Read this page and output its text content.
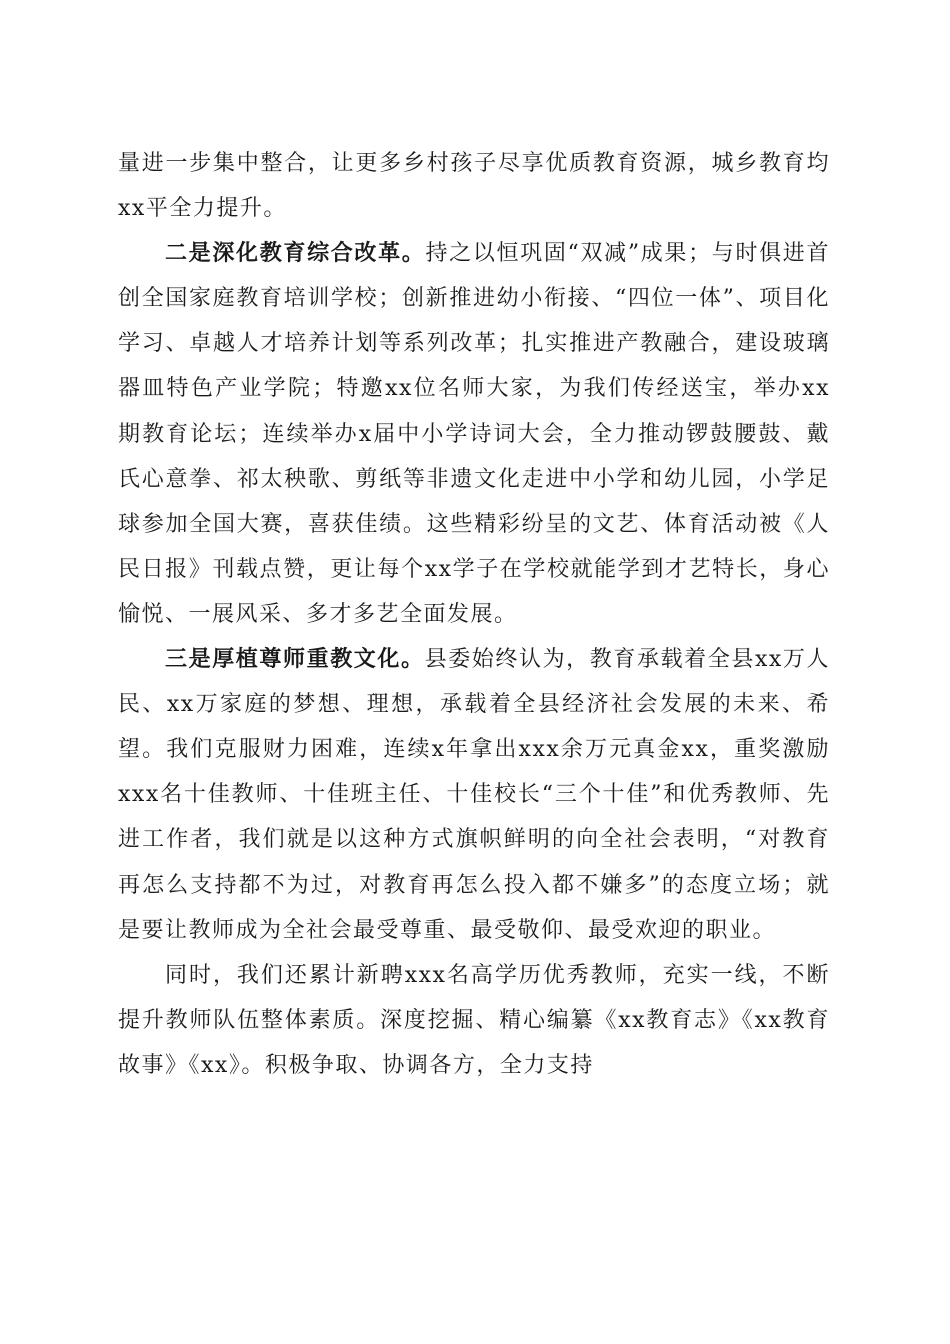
量进一步集中整合，让更多乡村孩子尽享优质教育资源，城乡教育均xx平全力提升。

二是深化教育综合改革。持之以恒巩固“双减”成果；与时俱进首创全国家庭教育培训学校；创新推进幼小衔接、“四位一体”、项目化学习、卓越人才培养计划等系列改革；扎实推进产教融合，建设玻璃器皿特色产业学院；特邀xx位名师大家，为我们传经送宝，举办xx期教育论坛；连续举办x届中小学诗词大会，全力推动锣鼓腰鼓、戴氏心意拳、祁太秧歌、剪纸等非遗文化走进中小学和幼儿园，小学足球参加全国大赛，喜获佳绩。这些精彩纷呈的文艺、体育活动被《人民日报》刊载点赞，更让每个xx学子在学校就能学到才艺特长，身心愉悦、一展风采、多才多艺全面发展。

三是厚植尊师重教文化。县委始终认为，教育承载着全县xx万人民、xx万家庭的梦想、理想，承载着全县经济社会发展的未来、希望。我们克服财力困难，连续x年拿出xxx余万元真金xx，重奖激励xxx名十佳教师、十佳班主任、十佳校长“三个十佳”和优秀教师、先进工作者，我们就是以这种方式旗帜鲜明的向全社会表明，“对教育再怎么支持都不为过，对教育再怎么投入都不嫌多”的态度立场；就是要让教师成为全社会最受尊重、最受敬仰、最受欢迎的职业。

同时，我们还累计新聘xxx名高学历优秀教师，充实一线，不断提升教师队伍整体素质。深度挖掘、精心编纂《xx教育志》《xx教育故事》《xx》。积极争取、协调各方，全力支持
